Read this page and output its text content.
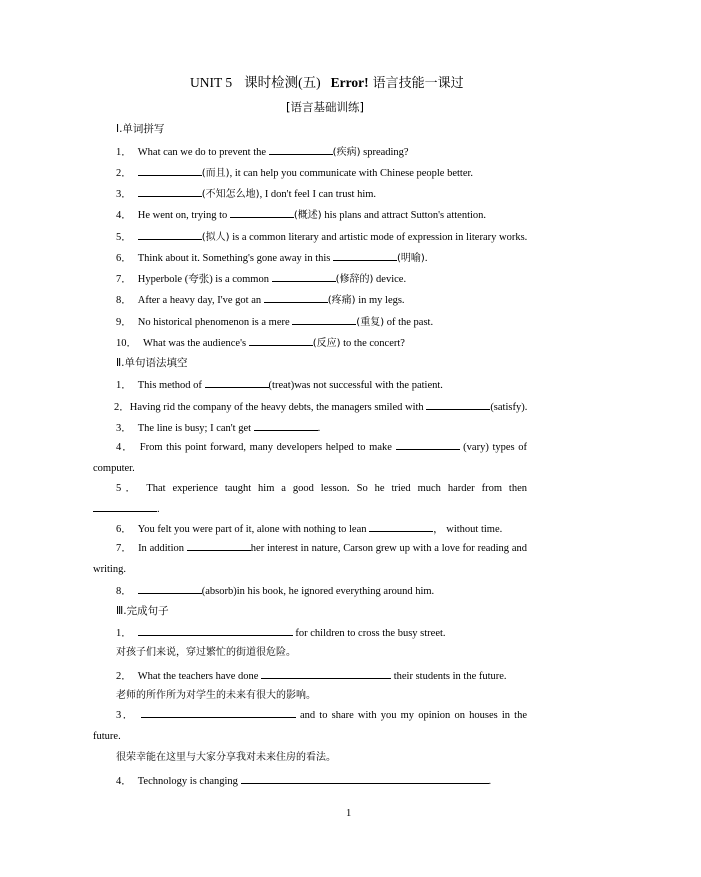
UNIT 5 课时检测(五) Error! 语言技能一课过
[语言基础训练]
Ⅰ.单词拼写
1． What can we do to prevent the	(疾病) spreading?
2．	(而且), it can help you communicate with Chinese people better.
3．	(不知怎么地), I don't feel I can trust him.
4． He went on, trying to	(概述) his plans and attract Sutton's attention.
5．	(拟人) is a common literary and artistic mode of expression in literary works.
6． Think about it. Something's gone away in this	(明喻).
7． Hyperbole (夸张) is a common	(修辞的) device.
8． After a heavy day, I've got an	(疼痛) in my legs.
9． No historical phenomenon is a mere	(重复) of the past.
10． What was the audience's	(反应) to the concert?
Ⅱ.单句语法填空
1． This method of	(treat)was not successful with the patient.
2．Having rid the company of the heavy debts, the managers smiled with	(satisfy).
3． The line is busy; I can't get	.
4． From this point forward, many developers helped to make	(vary) types of computer.
5． That experience taught him a good lesson. So he tried much harder from then .
6． You felt you were part of it, alone with nothing to lean	， without time.
7． In addition	her interest in nature, Carson grew up with a love for reading and writing.
8．	(absorb)in his book, he ignored everything around him.
Ⅲ.完成句子
1．	for children to cross the busy street.
对孩子们来说，穿过繁忙的街道很危险。
2． What the teachers have done	their students in the future.
老师的所作所为对学生的未来有很大的影响。
3．	and to share with you my opinion on houses in the future.
很荣幸能在这里与大家分享我对未来住房的看法。
4． Technology is changing	.
1
